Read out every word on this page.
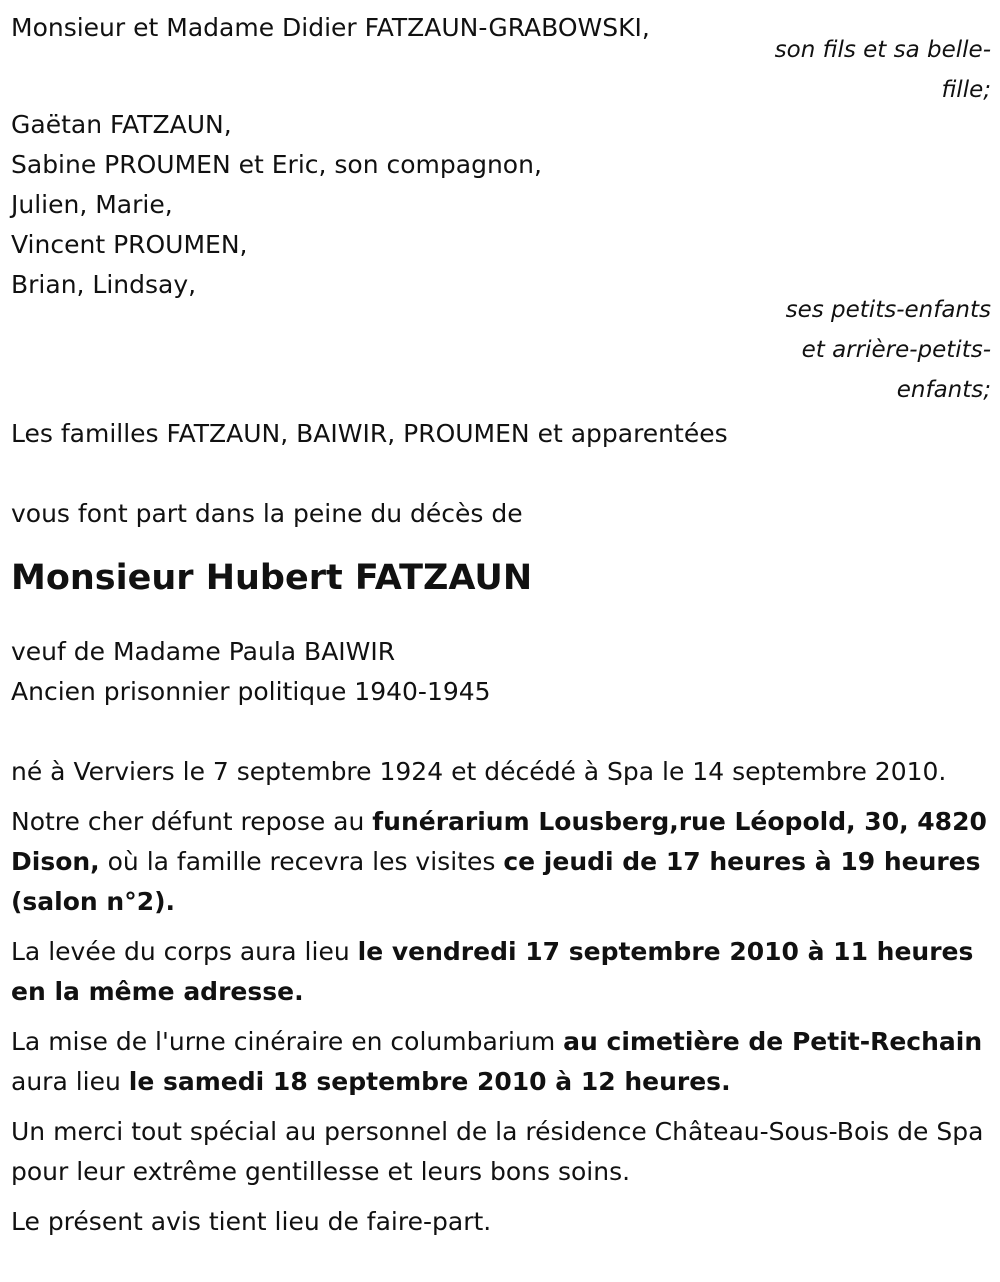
Monsieur et Madame Didier FATZAUN-GRABOWSKI,
son fils et sa belle-
fille;
Gaëtan FATZAUN,
Sabine PROUMEN et Eric, son compagnon,
Julien, Marie,
Vincent PROUMEN,
Brian, Lindsay,
ses petits-enfants
et arrière-petits-
enfants;
Les familles FATZAUN, BAIWIR, PROUMEN et apparentées
vous font part dans la peine du décès de
Monsieur Hubert FATZAUN
veuf de Madame Paula BAIWIR
Ancien prisonnier politique 1940-1945
né à Verviers le 7 septembre 1924 et décédé à Spa le 14 septembre 2010.
Notre cher défunt repose au funérarium Lousberg,rue Léopold, 30, 4820 Dison, où la famille recevra les visites ce jeudi de 17 heures à 19 heures (salon n°2).
La levée du corps aura lieu le vendredi 17 septembre 2010 à 11 heures en la même adresse.
La mise de l'urne cinéraire en columbarium au cimetière de Petit-Rechain aura lieu le samedi 18 septembre 2010 à 12 heures.
Un merci tout spécial au personnel de la résidence Château-Sous-Bois de Spa pour leur extrême gentillesse et leurs bons soins.
Le présent avis tient lieu de faire-part.
